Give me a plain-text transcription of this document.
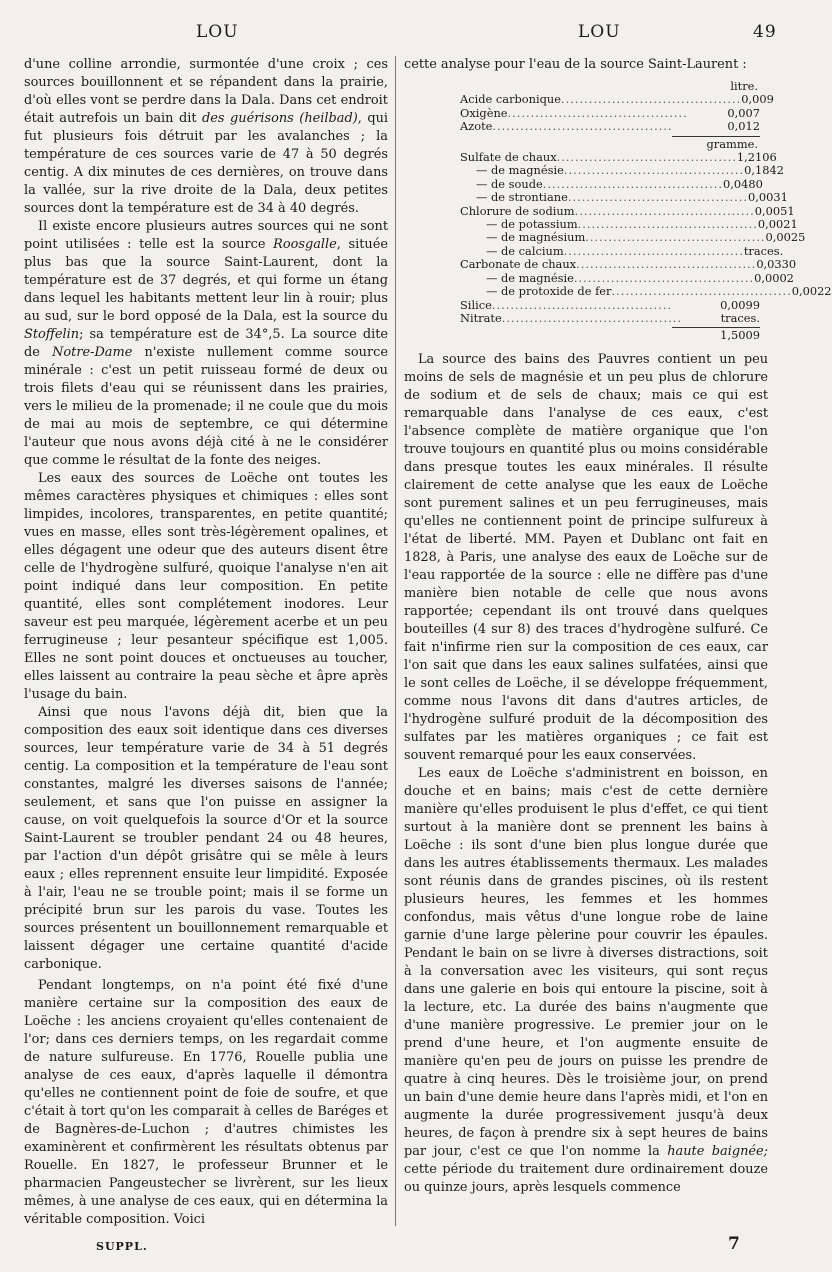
LOU	LOU	49

d'une colline arrondie, surmontée d'une croix ; ces sources bouillonnent et se répandent dans la prairie, d'où elles vont se perdre dans la Dala. Dans cet endroit était autrefois un bain dit des guérisons (heilbad), qui fut plusieurs fois détruit par les avalanches ; la température de ces sources varie de 47 à 50 degrés centig. A dix minutes de ces dernières, on trouve dans la vallée, sur la rive droite de la Dala, deux petites sources dont la température est de 34 à 40 degrés.

Il existe encore plusieurs autres sources qui ne sont point utilisées : telle est la source Roosgalle, située plus bas que la source Saint-Laurent, dont la température est de 37 degrés, et qui forme un étang dans lequel les habitants mettent leur lin à rouir; plus au sud, sur le bord opposé de la Dala, est la source du Stoffelin; sa température est de 34°,5. La source dite de Notre-Dame n'existe nullement comme source minérale : c'est un petit ruisseau formé de deux ou trois filets d'eau qui se réunissent dans les prairies, vers le milieu de la promenade; il ne coule que du mois de mai au mois de septembre, ce qui détermine l'auteur que nous avons déjà cité à ne le considérer que comme le résultat de la fonte des neiges.

Les eaux des sources de Loëche ont toutes les mêmes caractères physiques et chimiques : elles sont limpides, incolores, transparentes, en petite quantité; vues en masse, elles sont très-légèrement opalines, et elles dégagent une odeur que des auteurs disent être celle de l'hydrogène sulfuré, quoique l'analyse n'en ait point indiqué dans leur composition. En petite quantité, elles sont complétement inodores. Leur saveur est peu marquée, légèrement acerbe et un peu ferrugineuse ; leur pesanteur spécifique est 1,005. Elles ne sont point douces et onctueuses au toucher, elles laissent au contraire la peau sèche et âpre après l'usage du bain.

Ainsi que nous l'avons déjà dit, bien que la composition des eaux soit identique dans ces diverses sources, leur température varie de 34 à 51 degrés centig. La composition et la température de l'eau sont constantes, malgré les diverses saisons de l'année; seulement, et sans que l'on puisse en assigner la cause, on voit quelquefois la source d'Or et la source Saint-Laurent se troubler pendant 24 ou 48 heures, par l'action d'un dépôt grisâtre qui se mêle à leurs eaux ; elles reprennent ensuite leur limpidité. Exposée à l'air, l'eau ne se trouble point; mais il se forme un précipité brun sur les parois du vase. Toutes les sources présentent un bouillonnement remarquable et laissent dégager une certaine quantité d'acide carbonique.

Pendant longtemps, on n'a point été fixé d'une manière certaine sur la composition des eaux de Loëche : les anciens croyaient qu'elles contenaient de l'or; dans ces derniers temps, on les regardait comme de nature sulfureuse. En 1776, Rouelle publia une analyse de ces eaux, d'après laquelle il démontra qu'elles ne contiennent point de foie de soufre, et que c'était à tort qu'on les comparait à celles de Baréges et de Bagnères-de-Luchon ; d'autres chimistes les examinèrent et confirmèrent les résultats obtenus par Rouelle. En 1827, le professeur Brunner et le pharmacien Pangeustecher se livrèrent, sur les lieux mêmes, à une analyse de ces eaux, qui en détermina la véritable composition. Voici

cette analyse pour l'eau de la source Saint-Laurent :

litre.
Acide carbonique....................................... 0,009
Oxigène.......................................	0,007
Azote.......................................	0,012
gramme.
Sulfate de chaux....................................... 1,2106
— de magnésie....................................... 0,1842
— de soude....................................... 0,0480
— de strontiane....................................... 0,0031
Chlorure de sodium....................................... 0,0051
— de potassium....................................... 0,0021
— de magnésium....................................... 0,0025
— de calcium....................................... traces.
Carbonate de chaux....................................... 0,0330
— de magnésie....................................... 0,0002
— de protoxide de fer....................................... 0,0022
Silice.......................................	0,0099
Nitrate.......................................	traces.
1,5009

La source des bains des Pauvres contient un peu moins de sels de magnésie et un peu plus de chlorure de sodium et de sels de chaux; mais ce qui est remarquable dans l'analyse de ces eaux, c'est l'absence complète de matière organique que l'on trouve toujours en quantité plus ou moins considérable dans presque toutes les eaux minérales. Il résulte clairement de cette analyse que les eaux de Loëche sont purement salines et un peu ferrugineuses, mais qu'elles ne contiennent point de principe sulfureux à l'état de liberté. MM. Payen et Dublanc ont fait en 1828, à Paris, une analyse des eaux de Loëche sur de l'eau rapportée de la source : elle ne diffère pas d'une manière bien notable de celle que nous avons rapportée; cependant ils ont trouvé dans quelques bouteilles (4 sur 8) des traces d'hydrogène sulfuré. Ce fait n'infirme rien sur la composition de ces eaux, car l'on sait que dans les eaux salines sulfatées, ainsi que le sont celles de Loëche, il se développe fréquemment, comme nous l'avons dit dans d'autres articles, de l'hydrogène sulfuré produit de la décomposition des sulfates par les matières organiques ; ce fait est souvent remarqué pour les eaux conservées.

Les eaux de Loëche s'administrent en boisson, en douche et en bains; mais c'est de cette dernière manière qu'elles produisent le plus d'effet, ce qui tient surtout à la manière dont se prennent les bains à Loëche : ils sont d'une bien plus longue durée que dans les autres établissements thermaux. Les malades sont réunis dans de grandes piscines, où ils restent plusieurs heures, les femmes et les hommes confondus, mais vêtus d'une longue robe de laine garnie d'une large pèlerine pour couvrir les épaules. Pendant le bain on se livre à diverses distractions, soit à la conversation avec les visiteurs, qui sont reçus dans une galerie en bois qui entoure la piscine, soit à la lecture, etc. La durée des bains n'augmente que d'une manière progressive. Le premier jour on le prend d'une heure, et l'on augmente ensuite de manière qu'en peu de jours on puisse les prendre de quatre à cinq heures. Dès le troisième jour, on prend un bain d'une demie heure dans l'après midi, et l'on en augmente la durée progressivement jusqu'à deux heures, de façon à prendre six à sept heures de bains par jour, c'est ce que l'on nomme la haute baignée; cette période du traitement dure ordinairement douze ou quinze jours, après lesquels commence

SUPPL.	7
